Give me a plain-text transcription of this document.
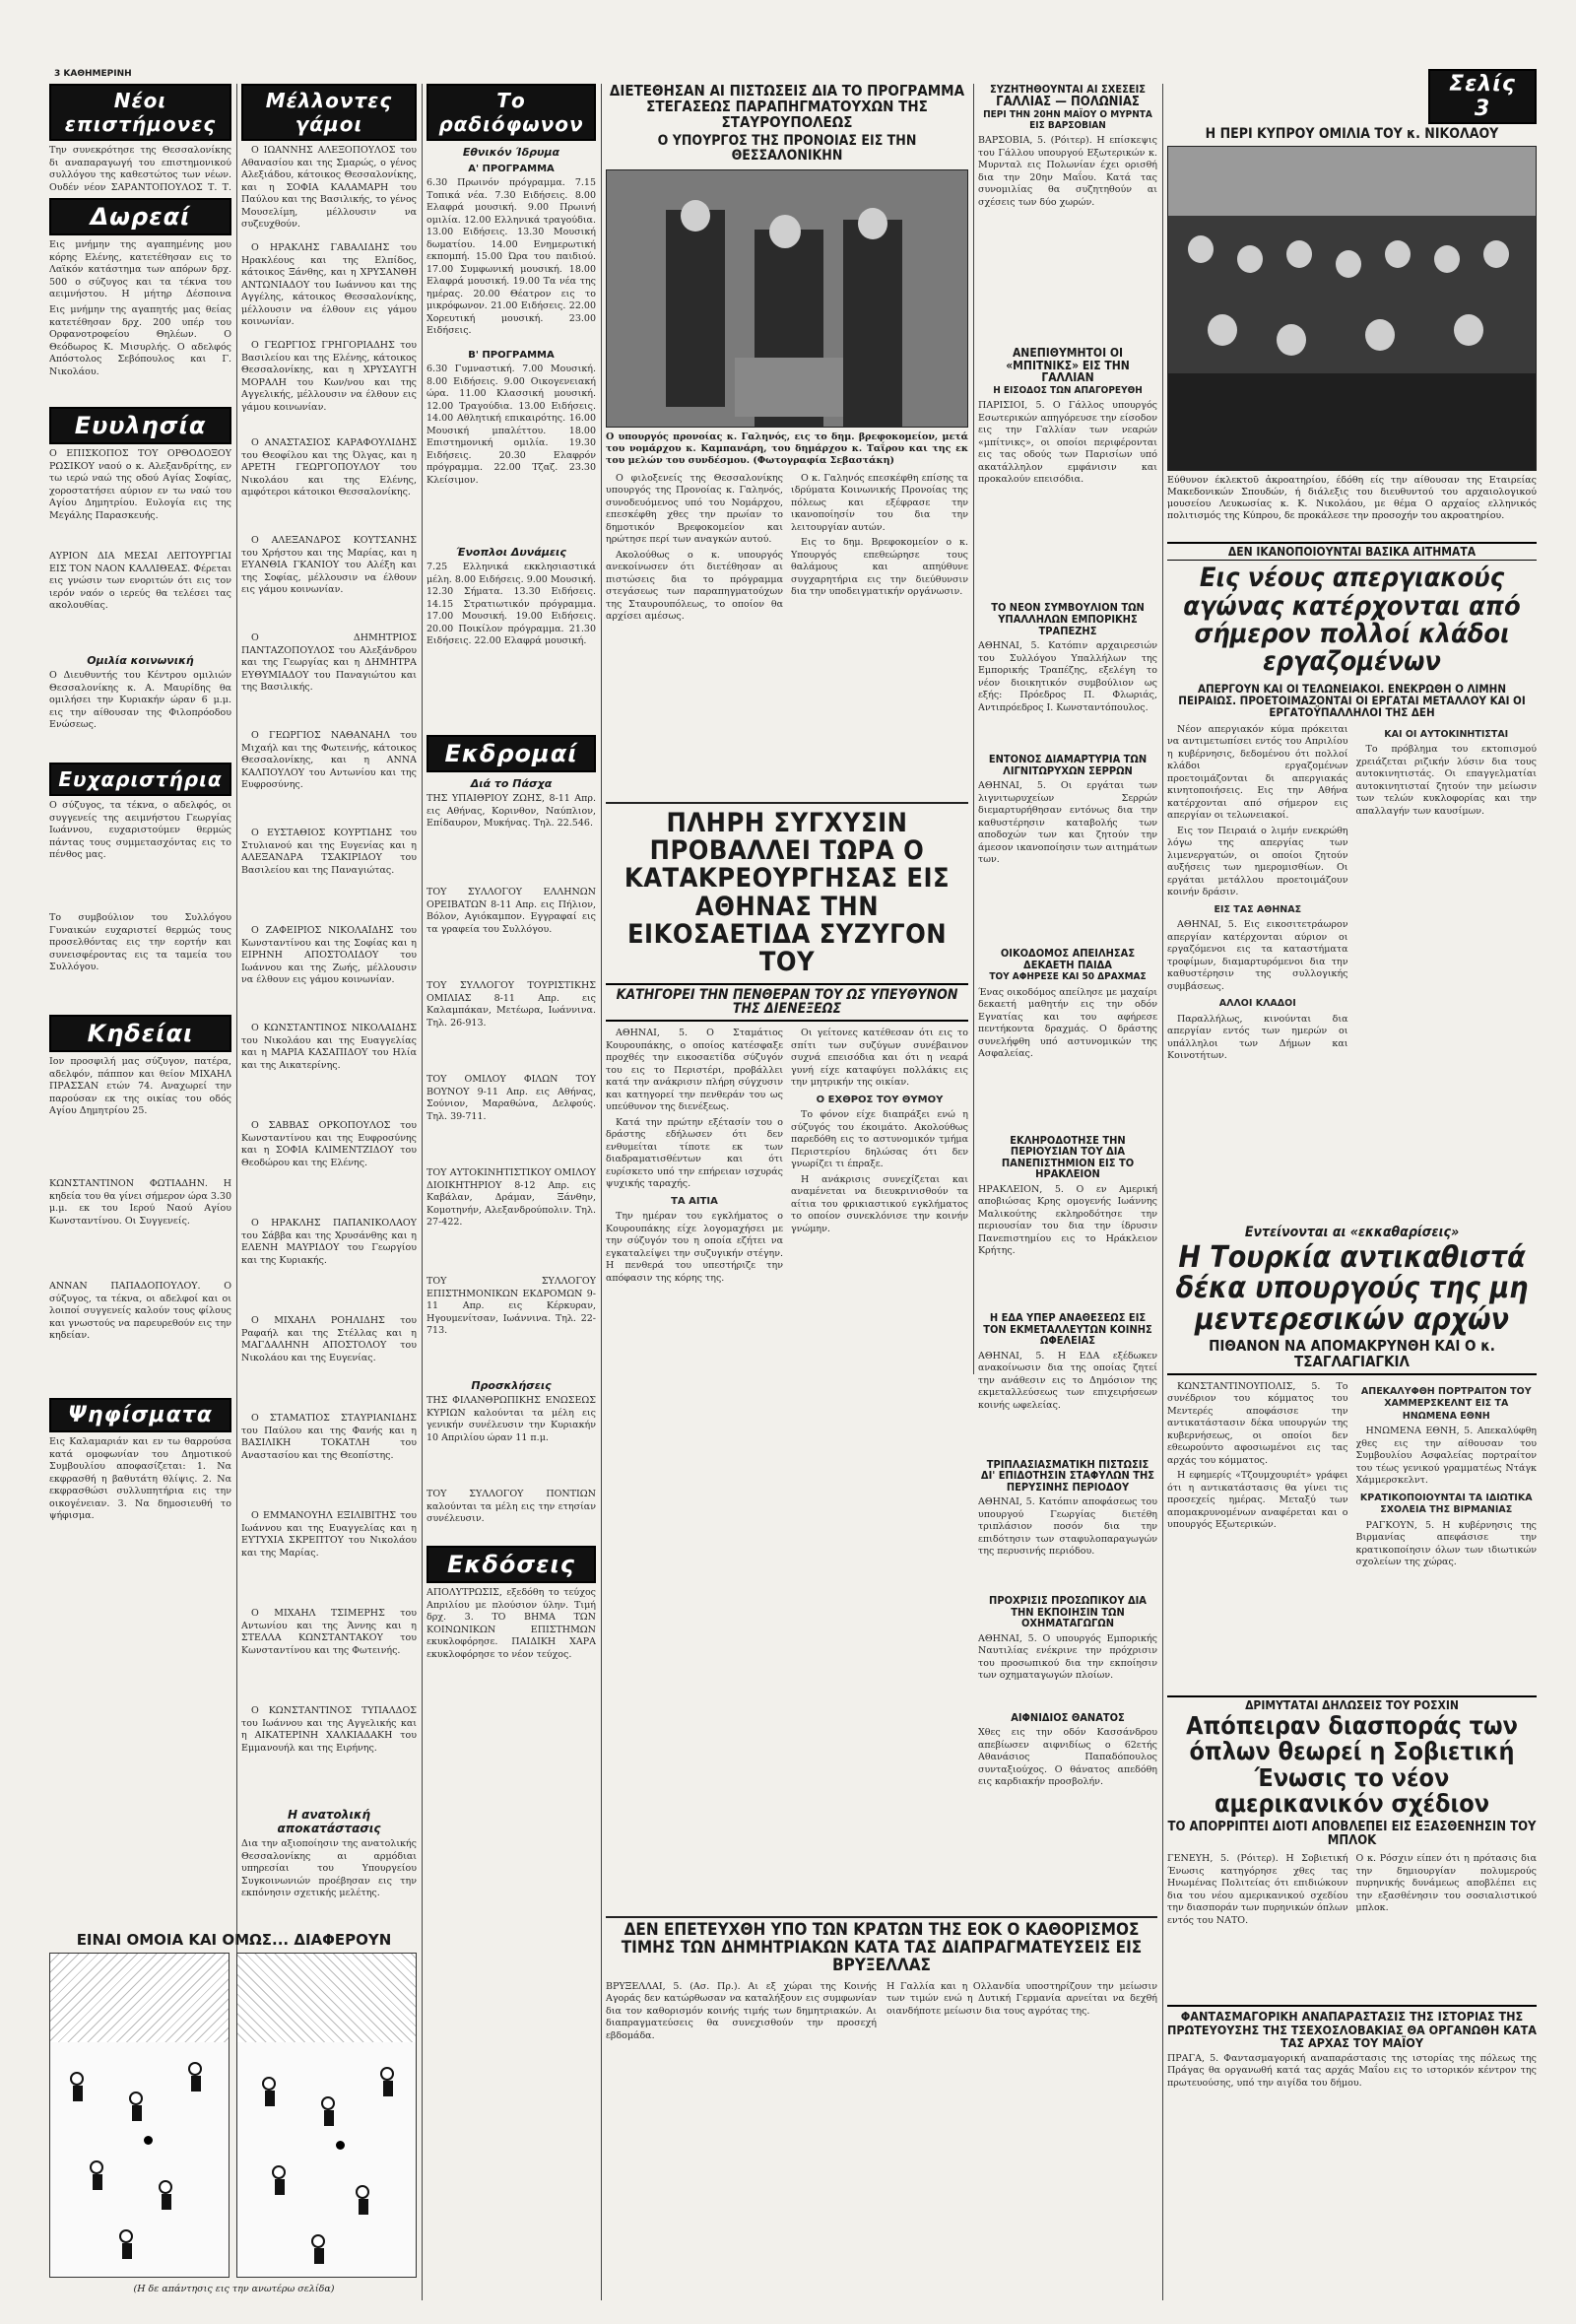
3 ΚΑΘΗΜΕΡΙΝΗ
Νέοι επιστήμονες
Την συνεκρότησε της Θεσσαλονίκης δι αναπαραγωγή του επιστημονικού συλλόγου της καθεστώτος των νέων. Ουδέν νέον ΣΑΡΑΝΤΟΠΟΥΛΟΣ Τ. Τ.
Δωρεαί
Εις μνήμην της αγαπημένης μου κόρης Ελένης, κατετέθησαν εις το Λαϊκόν κατάστημα των απόρων δρχ. 500 ο σύζυγος και τα τέκνα του αειμνήστου. Η μήτηρ Δέσποινα
Εις μνήμην της αγαπητής μας θείας κατετέθησαν δρχ. 200 υπέρ του Ορφανοτροφείου Θηλέων. Ο Θεόδωρος Κ. Μισυρλής. Ο αδελφός Απόστολος Σεβόπουλος και Γ. Νικολάου.
Ευυλησία
Ο ΕΠΙΣΚΟΠΟΣ ΤΟΥ ΟΡΘΟΔΟΞΟΥ ΡΩΣΙΚΟΥ ναού ο κ. Αλεξανδρίτης, εν τω ιερώ ναώ της οδού Αγίας Σοφίας, χοροστατήσει αύριον εν τω ναώ του Αγίου Δημητρίου. Ευλογία εις της Μεγάλης Παρασκευής.
ΑΥΡΙΟΝ ΔΙΑ ΜΕΣΑΙ ΛΕΙΤΟΥΡΓΙΑΙ ΕΙΣ ΤΟΝ ΝΑΟΝ ΚΑΛΛΙΘΕΑΣ. Φέρεται εις γνώσιν των ενοριτών ότι εις τον ιερόν ναόν ο ιερεύς θα τελέσει τας ακολουθίας.
Ομιλία κοινωνική
Ο Διευθυντής του Κέντρου ομιλιών Θεσσαλονίκης κ. Α. Μαυρίδης θα ομιλήσει την Κυριακήν ώραν 6 μ.μ. εις την αίθουσαν της Φιλοπρόοδου Ενώσεως.
Ευχαριστήρια
Ο σύζυγος, τα τέκνα, ο αδελφός, οι συγγενείς της αειμνήστου Γεωργίας Ιωάννου, ευχαριστούμεν θερμώς πάντας τους συμμετασχόντας εις το πένθος μας.
Το συμβούλιον του Συλλόγου Γυναικών ευχαριστεί θερμώς τους προσελθόντας εις την εορτήν και συνεισφέροντας εις τα ταμεία του Συλλόγου.
Κηδείαι
Ιον προσφιλή μας σύζυγον, πατέρα, αδελφόν, πάππον και θείον ΜΙΧΑΗΛ ΠΡΑΣΣΑΝ ετών 74. Αναχωρεί την παρούσαν εκ της οικίας του οδός Αγίου Δημητρίου 25.
ΚΩΝΣΤΑΝΤΙΝΟΝ ΦΩΤΙΑΔΗΝ. Η κηδεία του θα γίνει σήμερον ώρα 3.30 μ.μ. εκ του Ιερού Ναού Αγίου Κωνσταντίνου. Οι Συγγενείς.
ΑΝΝΑΝ ΠΑΠΑΔΟΠΟΥΛΟΥ. Ο σύζυγος, τα τέκνα, οι αδελφοί και οι λοιποί συγγενείς καλούν τους φίλους και γνωστούς να παρευρεθούν εις την κηδείαν.
Ψηφίσματα
Εις Καλαμαριάν και εν τω θαρρούσα κατά ομοφωνίαν του Δημοτικού Συμβουλίου αποφασίζεται: 1. Να εκφρασθή η βαθυτάτη θλίψις. 2. Να εκφρασθώσι συλλυπητήρια εις την οικογένειαν. 3. Να δημοσιευθή το ψήφισμα.
Μέλλοντες γάμοι
Ο ΙΩΑΝΝΗΣ ΑΛΕΞΟΠΟΥΛΟΣ του Αθανασίου και της Σμαρώς, ο γένος Αλεξιάδου, κάτοικος Θεσσαλονίκης, και η ΣΟΦΙΑ ΚΑΛΑΜΑΡΗ του Παύλου και της Βασιλικής, το γένος Μουσελίμη, μέλλουσιν να συζευχθούν.
Ο ΗΡΑΚΛΗΣ ΓΑΒΑΛΙΔΗΣ του Ηρακλέους και της Ελπίδος, κάτοικος Ξάνθης, και η ΧΡΥΣΑΝΘΗ ΑΝΤΩΝΙΑΔΟΥ του Ιωάννου και της Αγγέλης, κάτοικος Θεσσαλονίκης, μέλλουσιν να έλθουν εις γάμου κοινωνίαν.
Ο ΓΕΩΡΓΙΟΣ ΓΡΗΓΟΡΙΑΔΗΣ του Βασιλείου και της Ελένης, κάτοικος Θεσσαλονίκης, και η ΧΡΥΣΑΥΓΗ ΜΟΡΑΛΗ του Κων/νου και της Αγγελικής, μέλλουσιν να έλθουν εις γάμου κοινωνίαν.
Ο ΑΝΑΣΤΑΣΙΟΣ ΚΑΡΑΦΟΥΛΙΔΗΣ του Θεοφίλου και της Όλγας, και η ΑΡΕΤΗ ΓΕΩΡΓΟΠΟΥΛΟΥ του Νικολάου και της Ελένης, αμφότεροι κάτοικοι Θεσσαλονίκης.
Ο ΑΛΕΞΑΝΔΡΟΣ ΚΟΥΤΣΑΝΗΣ του Χρήστου και της Μαρίας, και η ΕΥΑΝΘΙΑ ΓΚΑΝΙΟΥ του Αλέξη και της Σοφίας, μέλλουσιν να έλθουν εις γάμου κοινωνίαν.
Ο ΔΗΜΗΤΡΙΟΣ ΠΑΝΤΑΖΟΠΟΥΛΟΣ του Αλεξάνδρου και της Γεωργίας και η ΔΗΜΗΤΡΑ ΕΥΘΥΜΙΑΔΟΥ του Παναγιώτου και της Βασιλικής.
Ο ΓΕΩΡΓΙΟΣ ΝΑΘΑΝΑΗΛ του Μιχαήλ και της Φωτεινής, κάτοικος Θεσσαλονίκης, και η ΑΝΝΑ ΚΑΛΠΟΥΛΟΥ του Αντωνίου και της Ευφροσύνης.
Ο ΕΥΣΤΑΘΙΟΣ ΚΟΥΡΤΙΔΗΣ του Στυλιανού και της Ευγενίας και η ΑΛΕΞΑΝΔΡΑ ΤΣΑΚΙΡΙΔΟΥ του Βασιλείου και της Παναγιώτας.
Ο ΖΑΦΕΙΡΙΟΣ ΝΙΚΟΛΑΪΔΗΣ του Κωνσταντίνου και της Σοφίας και η ΕΙΡΗΝΗ ΑΠΟΣΤΟΛΙΔΟΥ του Ιωάννου και της Ζωής, μέλλουσιν να έλθουν εις γάμου κοινωνίαν.
Ο ΚΩΝΣΤΑΝΤΙΝΟΣ ΝΙΚΟΛΑΙΔΗΣ του Νικολάου και της Ευαγγελίας και η ΜΑΡΙΑ ΚΑΣΑΠΙΔΟΥ του Ηλία και της Αικατερίνης.
Ο ΣΑΒΒΑΣ ΟΡΚΟΠΟΥΛΟΣ του Κωνσταντίνου και της Ευφροσύνης και η ΣΟΦΙΑ ΚΛΙΜΕΝΤΖΙΔΟΥ του Θεοδώρου και της Ελένης.
Ο ΗΡΑΚΛΗΣ ΠΑΠΑΝΙΚΟΛΑΟΥ του Σάββα και της Χρυσάνθης και η ΕΛΕΝΗ ΜΑΥΡΙΔΟΥ του Γεωργίου και της Κυριακής.
Ο ΜΙΧΑΗΛ ΡΟΗΛΙΔΗΣ του Ραφαήλ και της Στέλλας και η ΜΑΓΔΑΛΗΝΗ ΑΠΟΣΤΟΛΟΥ του Νικολάου και της Ευγενίας.
Ο ΣΤΑΜΑΤΙΟΣ ΣΤΑΥΡΙΑΝΙΔΗΣ του Παύλου και της Φανής και η ΒΑΣΙΛΙΚΗ ΤΟΚΑΤΛΗ του Αναστασίου και της Θεοπίστης.
Ο ΕΜΜΑΝΟΥΗΛ ΕΞΙΛΙΒΙΤΗΣ του Ιωάννου και της Ευαγγελίας και η ΕΥΤΥΧΙΑ ΣΚΡΕΠΤΟΥ του Νικολάου και της Μαρίας.
Ο ΜΙΧΑΗΛ ΤΣΙΜΕΡΗΣ του Αντωνίου και της Άννης και η ΣΤΕΛΛΑ ΚΩΝΣΤΑΝΤΑΚΟΥ του Κωνσταντίνου και της Φωτεινής.
Ο ΚΩΝΣΤΑΝΤΙΝΟΣ ΤΥΠΑΛΔΟΣ του Ιωάννου και της Αγγελικής και η ΑΙΚΑΤΕΡΙΝΗ ΧΑΛΚΙΑΔΑΚΗ του Εμμανουήλ και της Ειρήνης.
Η ανατολική αποκατάστασις
Δια την αξιοποίησιν της ανατολικής Θεσσαλονίκης αι αρμόδιαι υπηρεσίαι του Υπουργείου Συγκοινωνιών προέβησαν εις την εκπόνησιν σχετικής μελέτης.
Το ραδιόφωνον
Εθνικόν Ίδρυμα
Α' ΠΡΟΓΡΑΜΜΑ
6.30 Πρωινόν πρόγραμμα. 7.15 Τοπικά νέα. 7.30 Ειδήσεις. 8.00 Ελαφρά μουσική. 9.00 Πρωινή ομιλία. 12.00 Ελληνικά τραγούδια. 13.00 Ειδήσεις. 13.30 Μουσική δωματίου. 14.00 Ενημερωτική εκπομπή. 15.00 Ώρα του παιδιού. 17.00 Συμφωνική μουσική. 18.00 Ελαφρά μουσική. 19.00 Τα νέα της ημέρας. 20.00 Θέατρον εις το μικρόφωνον. 21.00 Ειδήσεις. 22.00 Χορευτική μουσική. 23.00 Ειδήσεις.
Β' ΠΡΟΓΡΑΜΜΑ
6.30 Γυμναστική. 7.00 Μουσική. 8.00 Ειδήσεις. 9.00 Οικογενειακή ώρα. 11.00 Κλασσική μουσική. 12.00 Τραγούδια. 13.00 Ειδήσεις. 14.00 Αθλητική επικαιρότης. 16.00 Μουσική μπαλέττου. 18.00 Επιστημονική ομιλία. 19.30 Ειδήσεις. 20.30 Ελαφρόν πρόγραμμα. 22.00 Τζαζ. 23.30 Κλείσιμον.
Ένοπλοι Δυνάμεις
7.25 Ελληνικά εκκλησιαστικά μέλη. 8.00 Ειδήσεις. 9.00 Μουσική. 12.30 Σήματα. 13.30 Ειδήσεις. 14.15 Στρατιωτικόν πρόγραμμα. 17.00 Μουσική. 19.00 Ειδήσεις. 20.00 Ποικίλον πρόγραμμα. 21.30 Ειδήσεις. 22.00 Ελαφρά μουσική.
Εκδρομαί
Διά το Πάσχα
ΤΗΣ ΥΠΑΙΘΡΙΟΥ ΖΩΗΣ, 8-11 Απρ. εις Αθήνας, Κορινθον, Ναύπλιον, Επίδαυρον, Μυκήνας. Τηλ. 22.546.
ΤΟΥ ΣΥΛΛΟΓΟΥ ΕΛΛΗΝΩΝ ΟΡΕΙΒΑΤΩΝ 8-11 Απρ. εις Πήλιον, Βόλον, Αγιόκαμπον. Εγγραφαί εις τα γραφεία του Συλλόγου.
ΤΟΥ ΣΥΛΛΟΓΟΥ ΤΟΥΡΙΣΤΙΚΗΣ ΟΜΙΛΙΑΣ 8-11 Απρ. εις Καλαμπάκαν, Μετέωρα, Ιωάννινα. Τηλ. 26-913.
ΤΟΥ ΟΜΙΛΟΥ ΦΙΛΩΝ ΤΟΥ ΒΟΥΝΟΥ 9-11 Απρ. εις Αθήνας, Σούνιον, Μαραθώνα, Δελφούς. Τηλ. 39-711.
ΤΟΥ ΑΥΤΟΚΙΝΗΤΙΣΤΙΚΟΥ ΟΜΙΛΟΥ ΔΙΟΙΚΗΤΗΡΙΟΥ 8-12 Απρ. εις Καβάλαν, Δράμαν, Ξάνθην, Κομοτηνήν, Αλεξανδρούπολιν. Τηλ. 27-422.
ΤΟΥ ΣΥΛΛΟΓΟΥ ΕΠΙΣΤΗΜΟΝΙΚΩΝ ΕΚΔΡΟΜΩΝ 9-11 Απρ. εις Κέρκυραν, Ηγουμενίτσαν, Ιωάννινα. Τηλ. 22-713.
Προσκλήσεις
ΤΗΣ ΦΙΛΑΝΘΡΩΠΙΚΗΣ ΕΝΩΣΕΩΣ ΚΥΡΙΩΝ καλούνται τα μέλη εις γενικήν συνέλευσιν την Κυριακήν 10 Απριλίου ώραν 11 π.μ.
ΤΟΥ ΣΥΛΛΟΓΟΥ ΠΟΝΤΙΩΝ καλούνται τα μέλη εις την ετησίαν συνέλευσιν.
Εκδόσεις
ΑΠΟΛΥΤΡΩΣΙΣ, εξεδόθη το τεύχος Απριλίου με πλούσιον ύλην. Τιμή δρχ. 3. ΤΟ ΒΗΜΑ ΤΩΝ ΚΟΙΝΩΝΙΚΩΝ ΕΠΙΣΤΗΜΩΝ εκυκλοφόρησε. ΠΑΙΔΙΚΗ ΧΑΡΑ εκυκλοφόρησε το νέον τεύχος.
ΕΙΝΑΙ ΟΜΟΙΑ ΚΑΙ ΟΜΩΣ... ΔΙΑΦΕΡΟΥΝ
(Η δε απάντησις εις την ανωτέρω σελίδα)
ΔΙΕΤΕΘΗΣΑΝ ΑΙ ΠΙΣΤΩΣΕΙΣ ΔΙΑ ΤΟ ΠΡΟΓΡΑΜΜΑ ΣΤΕΓΑΣΕΩΣ ΠΑΡΑΠΗΓΜΑΤΟΥΧΩΝ ΤΗΣ ΣΤΑΥΡΟΥΠΟΛΕΩΣ
Ο ΥΠΟΥΡΓΟΣ ΤΗΣ ΠΡΟΝΟΙΑΣ ΕΙΣ ΤΗΝ ΘΕΣΣΑΛΟΝΙΚΗΝ
Ο υπουργός προνοίας κ. Γαληνός, εις το δημ. βρεφοκομείον, μετά του νομάρχου κ. Καμπανάρη, του δημάρχου κ. Ταΐρου και της εκ του μελών του συνδέσμου. (Φωτογραφία Σεβαστάκη)
Ο φιλοξενείς της Θεσσαλονίκης υπουργός της Προνοίας κ. Γαληνός, συνοδευόμενος υπό του Νομάρχου, επεσκέφθη χθες την πρωίαν το δημοτικόν Βρεφοκομείον και ηρώτησε περί των αναγκών αυτού.
Ακολούθως ο κ. υπουργός ανεκοίνωσεν ότι διετέθησαν αι πιστώσεις δια το πρόγραμμα στεγάσεως των παραπηγματούχων της Σταυρουπόλεως, το οποίον θα αρχίσει αμέσως.
Ο κ. Γαληνός επεσκέφθη επίσης τα ιδρύματα Κοινωνικής Προνοίας της πόλεως και εξέφρασε την ικανοποίησίν του δια την λειτουργίαν αυτών.
Εις το δημ. Βρεφοκομείον ο κ. Υπουργός επεθεώρησε τους θαλάμους και απηύθυνε συγχαρητήρια εις την διεύθυνσιν δια την υποδειγματικήν οργάνωσιν.
ΠΛΗΡΗ ΣΥΓΧΥΣΙΝ ΠΡΟΒΑΛΛΕΙ ΤΩΡΑ Ο ΚΑΤΑΚΡΕΟΥΡΓΗΣΑΣ ΕΙΣ ΑΘΗΝΑΣ ΤΗΝ ΕΙΚΟΣΑΕΤΙΔΑ ΣΥΖΥΓΟΝ ΤΟΥ
ΚΑΤΗΓΟΡΕΙ ΤΗΝ ΠΕΝΘΕΡΑΝ ΤΟΥ ΩΣ ΥΠΕΥΘΥΝΟΝ ΤΗΣ ΔΙΕΝΕΞΕΩΣ
ΑΘΗΝΑΙ, 5. Ο Σταμάτιος Κουρουπάκης, ο οποίος κατέσφαξε προχθές την εικοσαετίδα σύζυγόν του εις το Περιστέρι, προβάλλει κατά την ανάκρισιν πλήρη σύγχυσιν και κατηγορεί την πενθεράν του ως υπεύθυνον της διενέξεως.
Κατά την πρώτην εξέτασίν του ο δράστης εδήλωσεν ότι δεν ενθυμείται τίποτε εκ των διαδραματισθέντων και ότι ευρίσκετο υπό την επήρειαν ισχυράς ψυχικής ταραχής.
ΤΑ ΑΙΤΙΑ
Την ημέραν του εγκλήματος ο Κουρουπάκης είχε λογομαχήσει με την σύζυγόν του η οποία εζήτει να εγκαταλείψει την συζυγικήν στέγην. Η πενθερά του υπεστήριζε την απόφασιν της κόρης της.
Οι γείτονες κατέθεσαν ότι εις το σπίτι των συζύγων συνέβαινον συχνά επεισόδια και ότι η νεαρά γυνή είχε καταφύγει πολλάκις εις την μητρικήν της οικίαν.
Ο ΕΧΘΡΟΣ ΤΟΥ ΘΥΜΟΥ
Το φόνον είχε διαπράξει ενώ η σύζυγός του έκοιμάτο. Ακολούθως παρεδόθη εις το αστυνομικόν τμήμα Περιστερίου δηλώσας ότι δεν γνωρίζει τι έπραξε.
Η ανάκρισις συνεχίζεται και αναμένεται να διευκρινισθούν τα αίτια του φρικιαστικού εγκλήματος το οποίον συνεκλόνισε την κοινήν γνώμην.
ΔΕΝ ΕΠΕΤΕΥΧΘΗ ΥΠΟ ΤΩΝ ΚΡΑΤΩΝ ΤΗΣ ΕΟΚ Ο ΚΑΘΟΡΙΣΜΟΣ ΤΙΜΗΣ ΤΩΝ ΔΗΜΗΤΡΙΑΚΩΝ ΚΑΤΑ ΤΑΣ ΔΙΑΠΡΑΓΜΑΤΕΥΣΕΙΣ ΕΙΣ ΒΡΥΞΕΛΛΑΣ
ΒΡΥΞΕΛΛΑΙ, 5. (Ασ. Πρ.). Αι εξ χώραι της Κοινής Αγοράς δεν κατώρθωσαν να καταλήξουν εις συμφωνίαν δια τον καθορισμόν κοινής τιμής των δημητριακών. Αι διαπραγματεύσεις θα συνεχισθούν την προσεχή εβδομάδα.
Η Γαλλία και η Ολλανδία υποστηρίζουν την μείωσιν των τιμών ενώ η Δυτική Γερμανία αρνείται να δεχθή οιανδήποτε μείωσιν δια τους αγρότας της.
ΣΥΖΗΤΗΘΟΥΝΤΑΙ ΑΙ ΣΧΕΣΕΙΣ
ΓΑΛΛΙΑΣ — ΠΟΛΩΝΙΑΣ
ΠΕΡΙ ΤΗΝ 20ΗΝ ΜΑΪΟΥ Ο ΜΥΡΝΤΑ ΕΙΣ ΒΑΡΣΟΒΙΑΝ
ΒΑΡΣΟΒΙΑ, 5. (Ρόιτερ). Η επίσκεψις του Γάλλου υπουργού Εξωτερικών κ. Μυρνταλ εις Πολωνίαν έχει ορισθή δια την 20ην Μαΐου. Κατά τας συνομιλίας θα συζητηθούν αι σχέσεις των δύο χωρών.
ΑΝΕΠΙΘΥΜΗΤΟΙ ΟΙ «ΜΠΙΤΝΙΚΣ» ΕΙΣ ΤΗΝ ΓΑΛΛΙΑΝ
Η ΕΙΣΟΔΟΣ ΤΩΝ ΑΠΑΓΟΡΕΥΘΗ
ΠΑΡΙΣΙΟΙ, 5. Ο Γάλλος υπουργός Εσωτερικών απηγόρευσε την είσοδον εις την Γαλλίαν των νεαρών «μπίτνικς», οι οποίοι περιφέρονται εις τας οδούς των Παρισίων υπό ακατάλληλον εμφάνισιν και προκαλούν επεισόδια.
ΤΟ ΝΕΟΝ ΣΥΜΒΟΥΛΙΟΝ ΤΩΝ ΥΠΑΛΛΗΛΩΝ ΕΜΠΟΡΙΚΗΣ ΤΡΑΠΕΖΗΣ
ΑΘΗΝΑΙ, 5. Κατόπιν αρχαιρεσιών του Συλλόγου Υπαλλήλων της Εμπορικής Τραπέζης, εξελέγη το νέον διοικητικόν συμβούλιον ως εξής: Πρόεδρος Π. Φλωριάς, Αντιπρόεδρος Ι. Κωνσταντόπουλος.
ΕΝΤΟΝΟΣ ΔΙΑΜΑΡΤΥΡΙΑ ΤΩΝ ΛΙΓΝΙΤΩΡΥΧΩΝ ΣΕΡΡΩΝ
ΑΘΗΝΑΙ, 5. Οι εργάται των λιγνιτωρυχείων Σερρών διεμαρτυρήθησαν εντόνως δια την καθυστέρησιν καταβολής των αποδοχών των και ζητούν την άμεσον ικανοποίησιν των αιτημάτων των.
ΟΙΚΟΔΟΜΟΣ ΑΠΕΙΛΗΣΑΣ ΔΕΚΑΕΤΗ ΠΑΙΔΑ
ΤΟΥ ΑΦΗΡΕΣΕ ΚΑΙ 50 ΔΡΑΧΜΑΣ
Ένας οικοδόμος απείλησε με μαχαίρι δεκαετή μαθητήν εις την οδόν Εγνατίας και του αφήρεσε πεντήκοντα δραχμάς. Ο δράστης συνελήφθη υπό αστυνομικών της Ασφαλείας.
ΕΚΛΗΡΟΔΟΤΗΣΕ ΤΗΝ ΠΕΡΙΟΥΣΙΑΝ ΤΟΥ ΔΙΑ ΠΑΝΕΠΙΣΤΗΜΙΟΝ ΕΙΣ ΤΟ ΗΡΑΚΛΕΙΟΝ
ΗΡΑΚΛΕΙΟΝ, 5. Ο εν Αμερική αποβιώσας Κρης ομογενής Ιωάννης Μαλικούτης εκληροδότησε την περιουσίαν του δια την ίδρυσιν Πανεπιστημίου εις το Ηράκλειον Κρήτης.
Η ΕΔΑ ΥΠΕΡ ΑΝΑΘΕΣΕΩΣ ΕΙΣ ΤΟΝ ΕΚΜΕΤΑΛΛΕΥΤΩΝ ΚΟΙΝΗΣ ΩΦΕΛΕΙΑΣ
ΑΘΗΝΑΙ, 5. Η ΕΔΑ εξέδωκεν ανακοίνωσιν δια της οποίας ζητεί την ανάθεσιν εις το Δημόσιον της εκμεταλλεύσεως των επιχειρήσεων κοινής ωφελείας.
ΤΡΙΠΛΑΣΙΑΣΜΑΤΙΚΗ ΠΙΣΤΩΣΙΣ ΔΙ' ΕΠΙΔΟΤΗΣΙΝ ΣΤΑΦΥΛΩΝ ΤΗΣ ΠΕΡΥΣΙΝΗΣ ΠΕΡΙΟΔΟΥ
ΑΘΗΝΑΙ, 5. Κατόπιν αποφάσεως του υπουργού Γεωργίας διετέθη τριπλάσιον ποσόν δια την επιδότησιν των σταφυλοπαραγωγών της περυσινής περιόδου.
ΠΡΟΧΡΙΣΙΣ ΠΡΟΣΩΠΙΚΟΥ ΔΙΑ ΤΗΝ ΕΚΠΟΙΗΣΙΝ ΤΩΝ ΟΧΗΜΑΤΑΓΩΓΩΝ
ΑΘΗΝΑΙ, 5. Ο υπουργός Εμπορικής Ναυτιλίας ενέκρινε την πρόχρισιν του προσωπικού δια την εκποίησιν των οχηματαγωγών πλοίων.
ΑΙΦΝΙΔΙΟΣ ΘΑΝΑΤΟΣ
Χθες εις την οδόν Κασσάνδρου απεβίωσεν αιφνιδίως ο 62ετής Αθανάσιος Παπαδόπουλος συνταξιούχος. Ο θάνατος απεδόθη εις καρδιακήν προσβολήν.
Σελίς 3
Η ΠΕΡΙ ΚΥΠΡΟΥ ΟΜΙΛΙΑ ΤΟΥ κ. ΝΙΚΟΛΑΟΥ
Εύθυνον έκλεκτοῦ ἀκροατηρίου, έδόθη είς την αίθουσαν της Εταιρείας Μακεδονικών Σπουδών, ή διάλεξις του διευθυντού του αρχαιολογικού μουσείου Λευκωσίας κ. Κ. Νικολάου, με θέμα Ο αρχαίος ελληνικός πολιτισμός της Κύπρου, δε προκάλεσε την προσοχήν του ακροατηρίου.
ΔΕΝ ΙΚΑΝΟΠΟΙΟΥΝΤΑΙ ΒΑΣΙΚΑ ΑΙΤΗΜΑΤΑ
Εις νέους απεργιακούς αγώνας κατέρχονται από σήμερον πολλοί κλάδοι εργαζομένων
ΑΠΕΡΓΟΥΝ ΚΑΙ ΟΙ ΤΕΛΩΝΕΙΑΚΟΙ. ΕΝΕΚΡΩΘΗ Ο ΛΙΜΗΝ ΠΕΙΡΑΙΩΣ. ΠΡΟΕΤΟΙΜΑΖΟΝΤΑΙ ΟΙ ΕΡΓΑΤΑΙ ΜΕΤΑΛΛΟΥ ΚΑΙ ΟΙ ΕΡΓΑΤΟΫΠΑΛΛΗΛΟΙ ΤΗΣ ΔΕΗ
Νέον απεργιακόν κύμα πρόκειται να αντιμετωπίσει εντός του Απριλίου η κυβέρνησις, δεδομένου ότι πολλοί κλάδοι εργαζομένων προετοιμάζονται δι απεργιακάς κινητοποιήσεις. Εις την Αθήνα κατέρχονται από σήμερον εις απεργίαν οι τελωνειακοί.
Εις τον Πειραιά ο λιμήν ενεκρώθη λόγω της απεργίας των λιμενεργατών, οι οποίοι ζητούν αυξήσεις των ημερομισθίων. Οι εργάται μετάλλου προετοιμάζουν κοινήν δράσιν.
ΕΙΣ ΤΑΣ ΑΘΗΝΑΣ
ΑΘΗΝΑΙ, 5. Εις εικοσιτετράωρον απεργίαν κατέρχονται αύριον οι εργαζόμενοι εις τα καταστήματα τροφίμων, διαμαρτυρόμενοι δια την καθυστέρησιν της συλλογικής συμβάσεως.
ΑΛΛΟΙ ΚΛΑΔΟΙ
Παραλλήλως, κινούνται δια απεργίαν εντός των ημερών οι υπάλληλοι των Δήμων και Κοινοτήτων.
ΚΑΙ ΟΙ ΑΥΤΟΚΙΝΗΤΙΣΤΑΙ
Το πρόβλημα του εκτοπισμού χρειάζεται ριζικήν λύσιν δια τους αυτοκινητιστάς. Οι επαγγελματίαι αυτοκινητισταί ζητούν την μείωσιν των τελών κυκλοφορίας και την απαλλαγήν των καυσίμων.
Εντείνονται αι «εκκαθαρίσεις»
Η Τουρκία αντικαθιστά δέκα υπουργούς της μη μεντερεσικών αρχών
ΠΙΘΑΝΟΝ ΝΑ ΑΠΟΜΑΚΡΥΝΘΗ ΚΑΙ Ο κ. ΤΣΑΓΛΑΓΙΑΓΚΙΛ
ΚΩΝΣΤΑΝΤΙΝΟΥΠΟΛΙΣ, 5. Το συνέδριον του κόμματος του Μεντερές αποφάσισε την αντικατάστασιν δέκα υπουργών της κυβερνήσεως, οι οποίοι δεν εθεωρούντο αφοσιωμένοι εις τας αρχάς του κόμματος.
Η εφημερίς «Τζουμχουριέτ» γράφει ότι η αντικατάστασις θα γίνει τις προσεχείς ημέρας. Μεταξύ των απομακρυνομένων αναφέρεται και ο υπουργός Εξωτερικών.
ΑΠΕΚΑΛΥΦΘΗ ΠΟΡΤΡΑΙΤΟΝ ΤΟΥ ΧΑΜΜΕΡΣΚΕΛΝΤ ΕΙΣ ΤΑ ΗΝΩΜΕΝΑ ΕΘΝΗ
ΗΝΩΜΕΝΑ ΕΘΝΗ, 5. Απεκαλύφθη χθες εις την αίθουσαν του Συμβουλίου Ασφαλείας πορτραίτον του τέως γενικού γραμματέως Ντάγκ Χάμμερσκελντ.
ΚΡΑΤΙΚΟΠΟΙΟΥΝΤΑΙ ΤΑ ΙΔΙΩΤΙΚΑ ΣΧΟΛΕΙΑ ΤΗΣ ΒΙΡΜΑΝΙΑΣ
ΡΑΓΚΟΥΝ, 5. Η κυβέρνησις της Βιρμανίας απεφάσισε την κρατικοποίησιν όλων των ιδιωτικών σχολείων της χώρας.
ΔΡΙΜΥΤΑΤΑΙ ΔΗΛΩΣΕΙΣ ΤΟΥ ΡΟΣΧΙΝ
Απόπειραν διασποράς των όπλων θεωρεί η Σοβιετική Ένωσις το νέον αμερικανικόν σχέδιον
ΤΟ ΑΠΟΡΡΙΠΤΕΙ ΔΙΟΤΙ ΑΠΟΒΛΕΠΕΙ ΕΙΣ ΕΞΑΣΘΕΝΗΣΙΝ ΤΟΥ ΜΠΛΟΚ
ΓΕΝΕΥΗ, 5. (Ρόιτερ). Η Σοβιετική Ένωσις κατηγόρησε χθες τας Ηνωμένας Πολιτείας ότι επιδιώκουν δια του νέου αμερικανικού σχεδίου την διασποράν των πυρηνικών όπλων εντός του ΝΑΤΟ.
Ο κ. Ρόσχιν είπεν ότι η πρότασις δια την δημιουργίαν πολυμερούς πυρηνικής δυνάμεως αποβλέπει εις την εξασθένησιν του σοσιαλιστικού μπλοκ.
ΦΑΝΤΑΣΜΑΓΟΡΙΚΗ ΑΝΑΠΑΡΑΣΤΑΣΙΣ ΤΗΣ ΙΣΤΟΡΙΑΣ ΤΗΣ ΠΡΩΤΕΥΟΥΣΗΣ ΤΗΣ ΤΣΕΧΟΣΛΟΒΑΚΙΑΣ ΘΑ ΟΡΓΑΝΩΘΗ ΚΑΤΑ ΤΑΣ ΑΡΧΑΣ ΤΟΥ ΜΑΪΟΥ
ΠΡΑΓΑ, 5. Φαντασμαγορική αναπαράστασις της ιστορίας της πόλεως της Πράγας θα οργανωθή κατά τας αρχάς Μαΐου εις το ιστορικόν κέντρον της πρωτευούσης, υπό την αιγίδα του δήμου.
